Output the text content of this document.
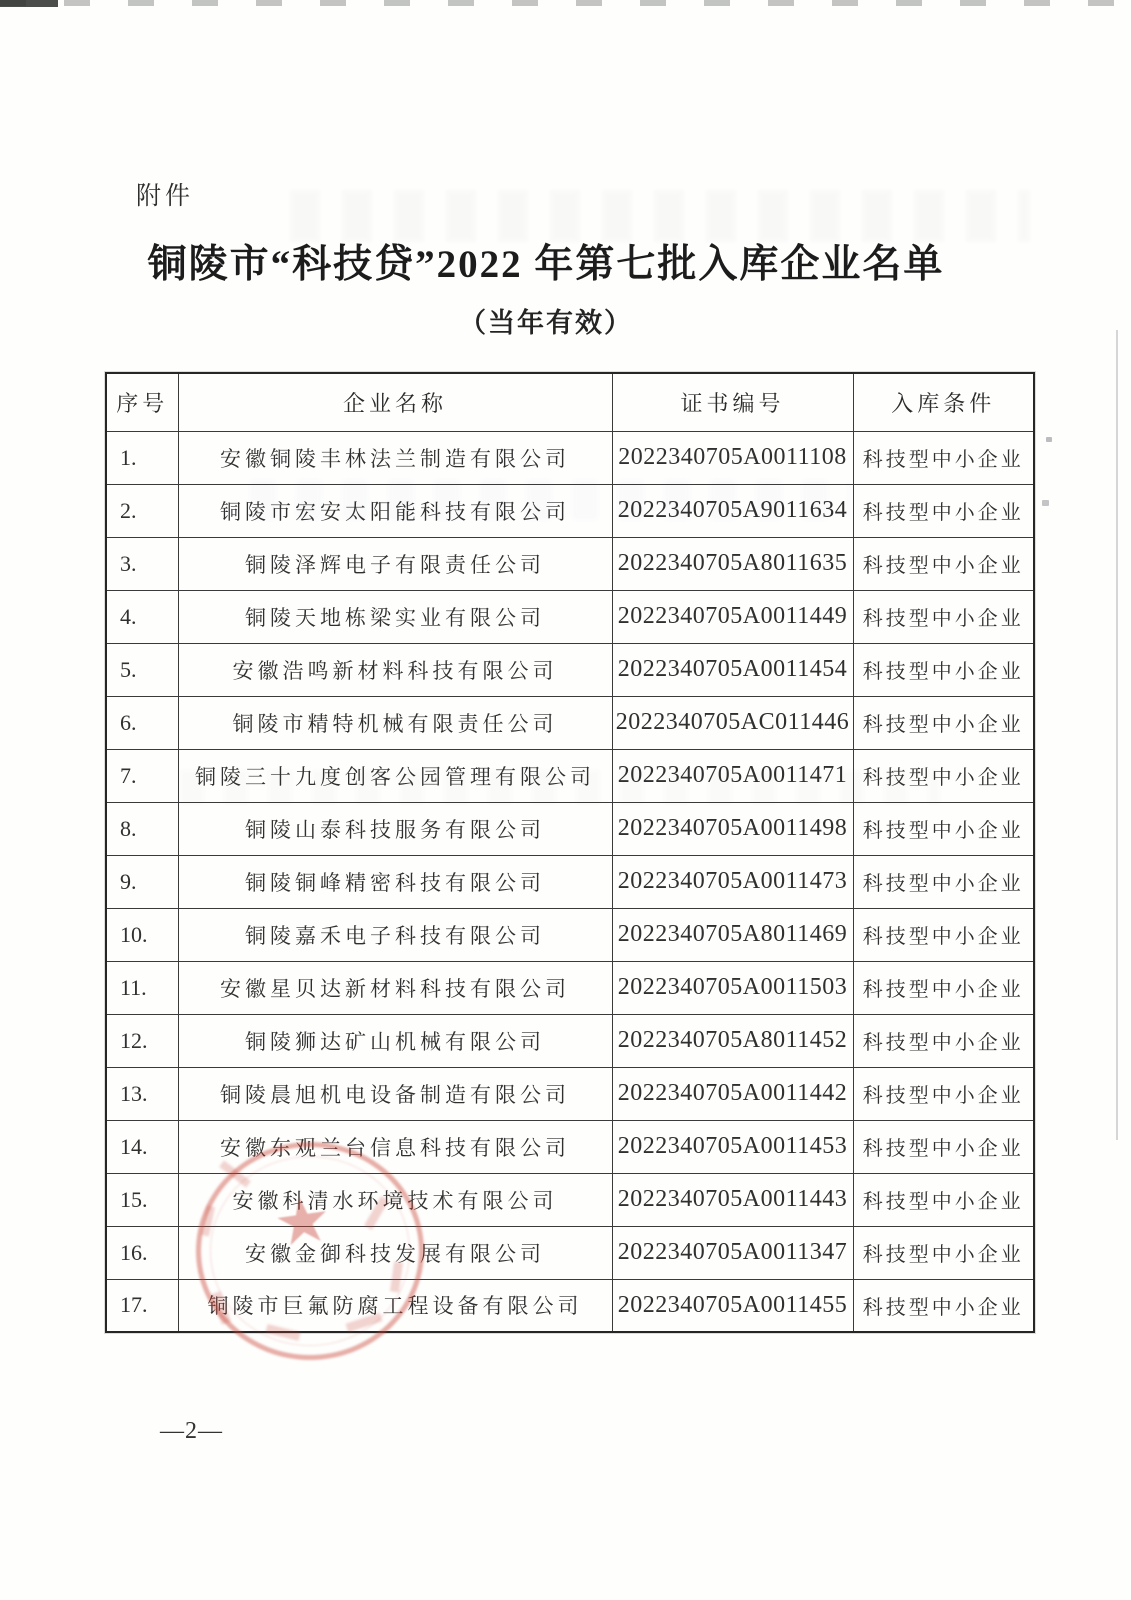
附件
铜陵市“科技贷”2022 年第七批入库企业名单
（当年有效）
序号	企业名称	证书编号	入库条件
1.	安徽铜陵丰林法兰制造有限公司	2022340705A0011108	科技型中小企业
2.	铜陵市宏安太阳能科技有限公司	2022340705A9011634	科技型中小企业
3.	铜陵泽辉电子有限责任公司	2022340705A8011635	科技型中小企业
4.	铜陵天地栋梁实业有限公司	2022340705A0011449	科技型中小企业
5.	安徽浩鸣新材料科技有限公司	2022340705A0011454	科技型中小企业
6.	铜陵市精特机械有限责任公司	2022340705AC011446	科技型中小企业
7.	铜陵三十九度创客公园管理有限公司	2022340705A0011471	科技型中小企业
8.	铜陵山泰科技服务有限公司	2022340705A0011498	科技型中小企业
9.	铜陵铜峰精密科技有限公司	2022340705A0011473	科技型中小企业
10.	铜陵嘉禾电子科技有限公司	2022340705A8011469	科技型中小企业
11.	安徽星贝达新材料科技有限公司	2022340705A0011503	科技型中小企业
12.	铜陵狮达矿山机械有限公司	2022340705A8011452	科技型中小企业
13.	铜陵晨旭机电设备制造有限公司	2022340705A0011442	科技型中小企业
14.	安徽东观兰台信息科技有限公司	2022340705A0011453	科技型中小企业
15.	安徽科清水环境技术有限公司	2022340705A0011443	科技型中小企业
16.	安徽金御科技发展有限公司	2022340705A0011347	科技型中小企业
17.	铜陵市巨氟防腐工程设备有限公司	2022340705A0011455	科技型中小企业
★
—2—
